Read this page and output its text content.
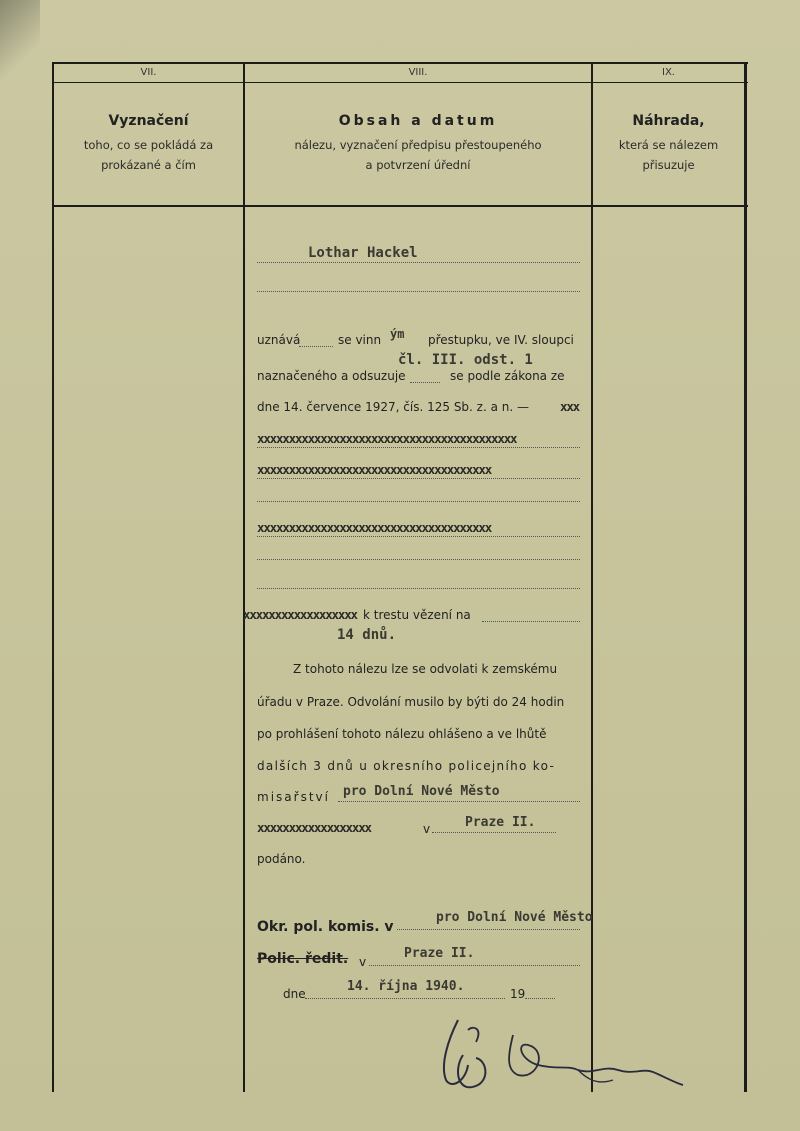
VII.	VIII.	IX.
Vyznačení
toho, co se pokládá za
prokázané a čím
Obsah a datum
nálezu, vyznačení předpisu přestoupeného
a potvrzení úřední
Náhrada,
která se nálezem
přisuzuje
Lothar Hackel
uznává	se vinn ým přestupku, ve IV. sloupci
čl. III. odst. 1
naznačeného a odsuzuje	se podle zákona ze
dne 14. července 1927, čís. 125 Sb. z. a n. — xxx
xxxxxxxxxxxxxxxxxxxxxxxxxxxxxxxxxxxxxxxxx
xxxxxxxxxxxxxxxxxxxxxxxxxxxxxxxxxxxxx
xxxxxxxxxxxxxxxxxxxxxxxxxxxxxxxxxxxxx
xxxxxxxxxxxxxxxxxx k trestu vězení na
14 dnů.
Z tohoto nálezu lze se odvolati k zemskému
úřadu v Praze. Odvolání musilo by býti do 24 hodin
po prohlášení tohoto nálezu ohlášeno a ve lhůtě
dalších 3 dnů u okresního policejního ko-
misařství pro Dolní Nové Město
xxxxxxxxxxxxxxxxxx	v	Praze II.
podáno.
Okr. pol. komis. v
pro Dolní Nové Město
Polic. ředit. v
Praze II.
dne	14. října 1940.	19
